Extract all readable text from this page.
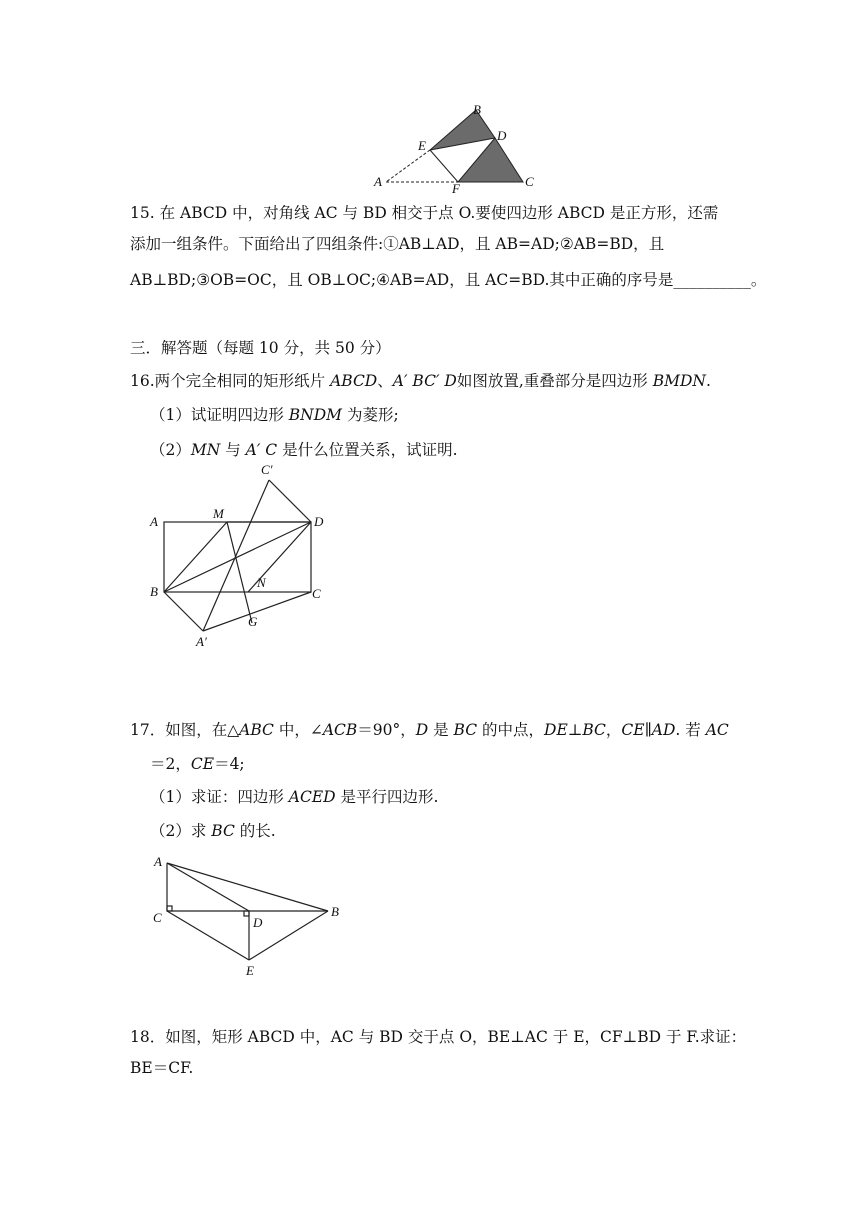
B
D
E
A	F	C
15. 在 ABCD 中，对角线 AC 与 BD 相交于点 O.要使四边形 ABCD 是正方形，还需
添加一组条件。下面给出了四组条件:①AB⊥AD，且 AB=AD;②AB=BD，且
AB⊥BD;③OB=OC，且 OB⊥OC;④AB=AD，且 AC=BD.其中正确的序号是__________。
三．解答题（每题 10 分，共 50 分）
16.两个完全相同的矩形纸片 ABCD、A′ BC′ D如图放置,重叠部分是四边形 BMDN.
（1）试证明四边形 BNDM 为菱形;
（2）MN 与 A′ C 是什么位置关系，试证明.
C′
A
M
D
B
N
C
G
A′
17．如图，在△ABC 中，∠ACB＝90°，D 是 BC 的中点，DE⊥BC，CE∥AD. 若 AC
＝2，CE＝4;
（1）求证：四边形 ACED 是平行四边形.
（2）求 BC 的长.
A
C	D
B
E
18．如图，矩形 ABCD 中，AC 与 BD 交于点 O，BE⊥AC 于 E，CF⊥BD 于 F.求证：
BE＝CF.
